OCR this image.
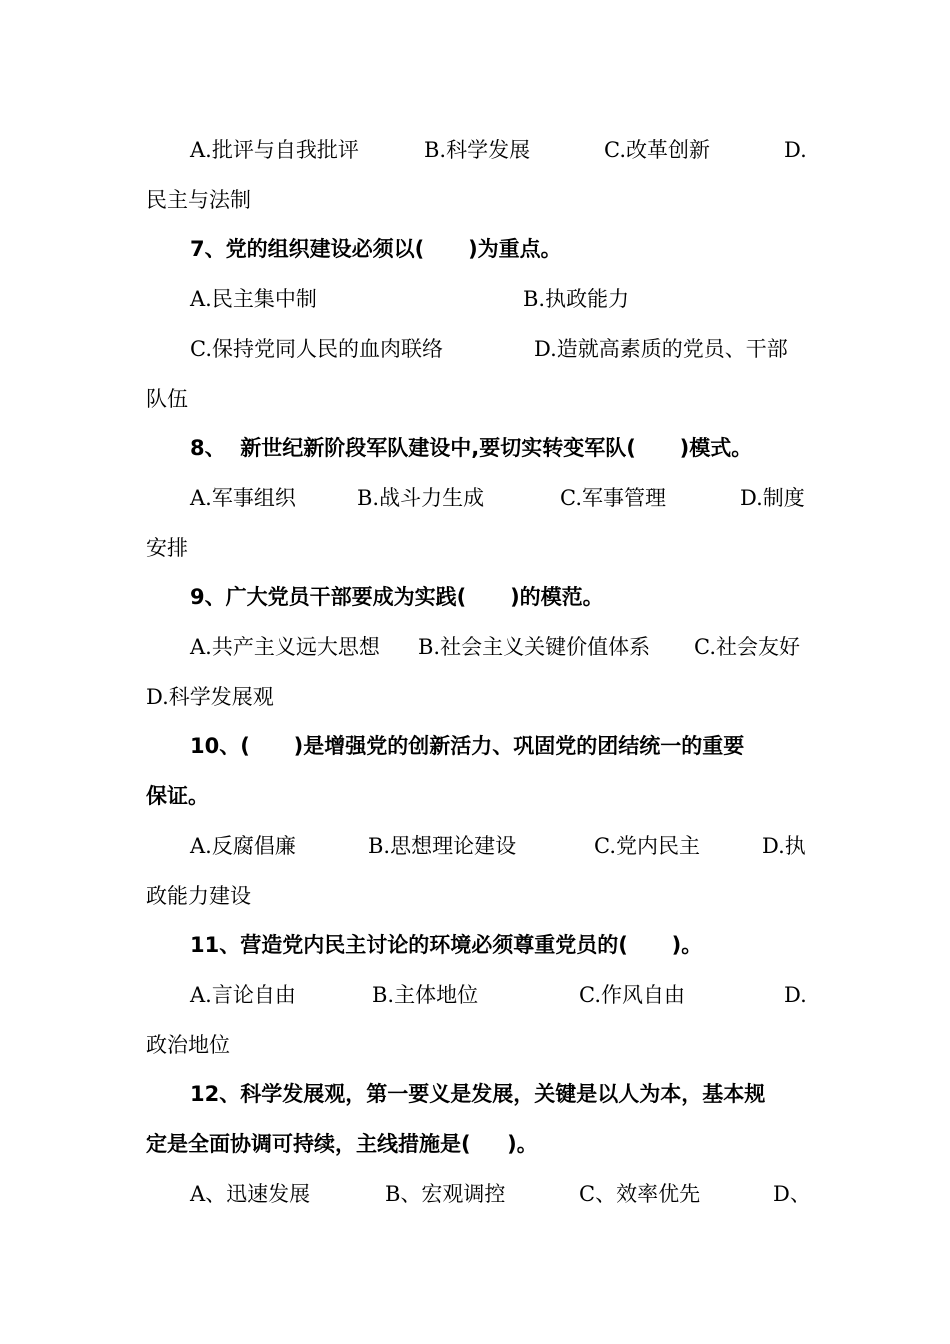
A.批评与自我批评	B.科学发展	C.改革创新	D.
民主与法制
7、党的组织建设必须以(      )为重点。
A.民主集中制	B.执政能力
C.保持党同人民的血肉联络	D.造就高素质的党员、干部
队伍
8、  新世纪新阶段军队建设中,要切实转变军队(      )模式。
A.军事组织	B.战斗力生成	C.军事管理	D.制度
安排
9、广大党员干部要成为实践(      )的模范。
A.共产主义远大思想 B.社会主义关键价值体系 C.社会友好
D.科学发展观
10、(      )是增强党的创新活力、巩固党的团结统一的重要
保证。
A.反腐倡廉	B.思想理论建设	C.党内民主	D.执
政能力建设
11、营造党内民主讨论的环境必须尊重党员的(      )。
A.言论自由	B.主体地位	C.作风自由	D.
政治地位
12、科学发展观，第一要义是发展，关键是以人为本，基本规
定是全面协调可持续，主线措施是(     )。
A、迅速发展	B、宏观调控	C、效率优先	D、
